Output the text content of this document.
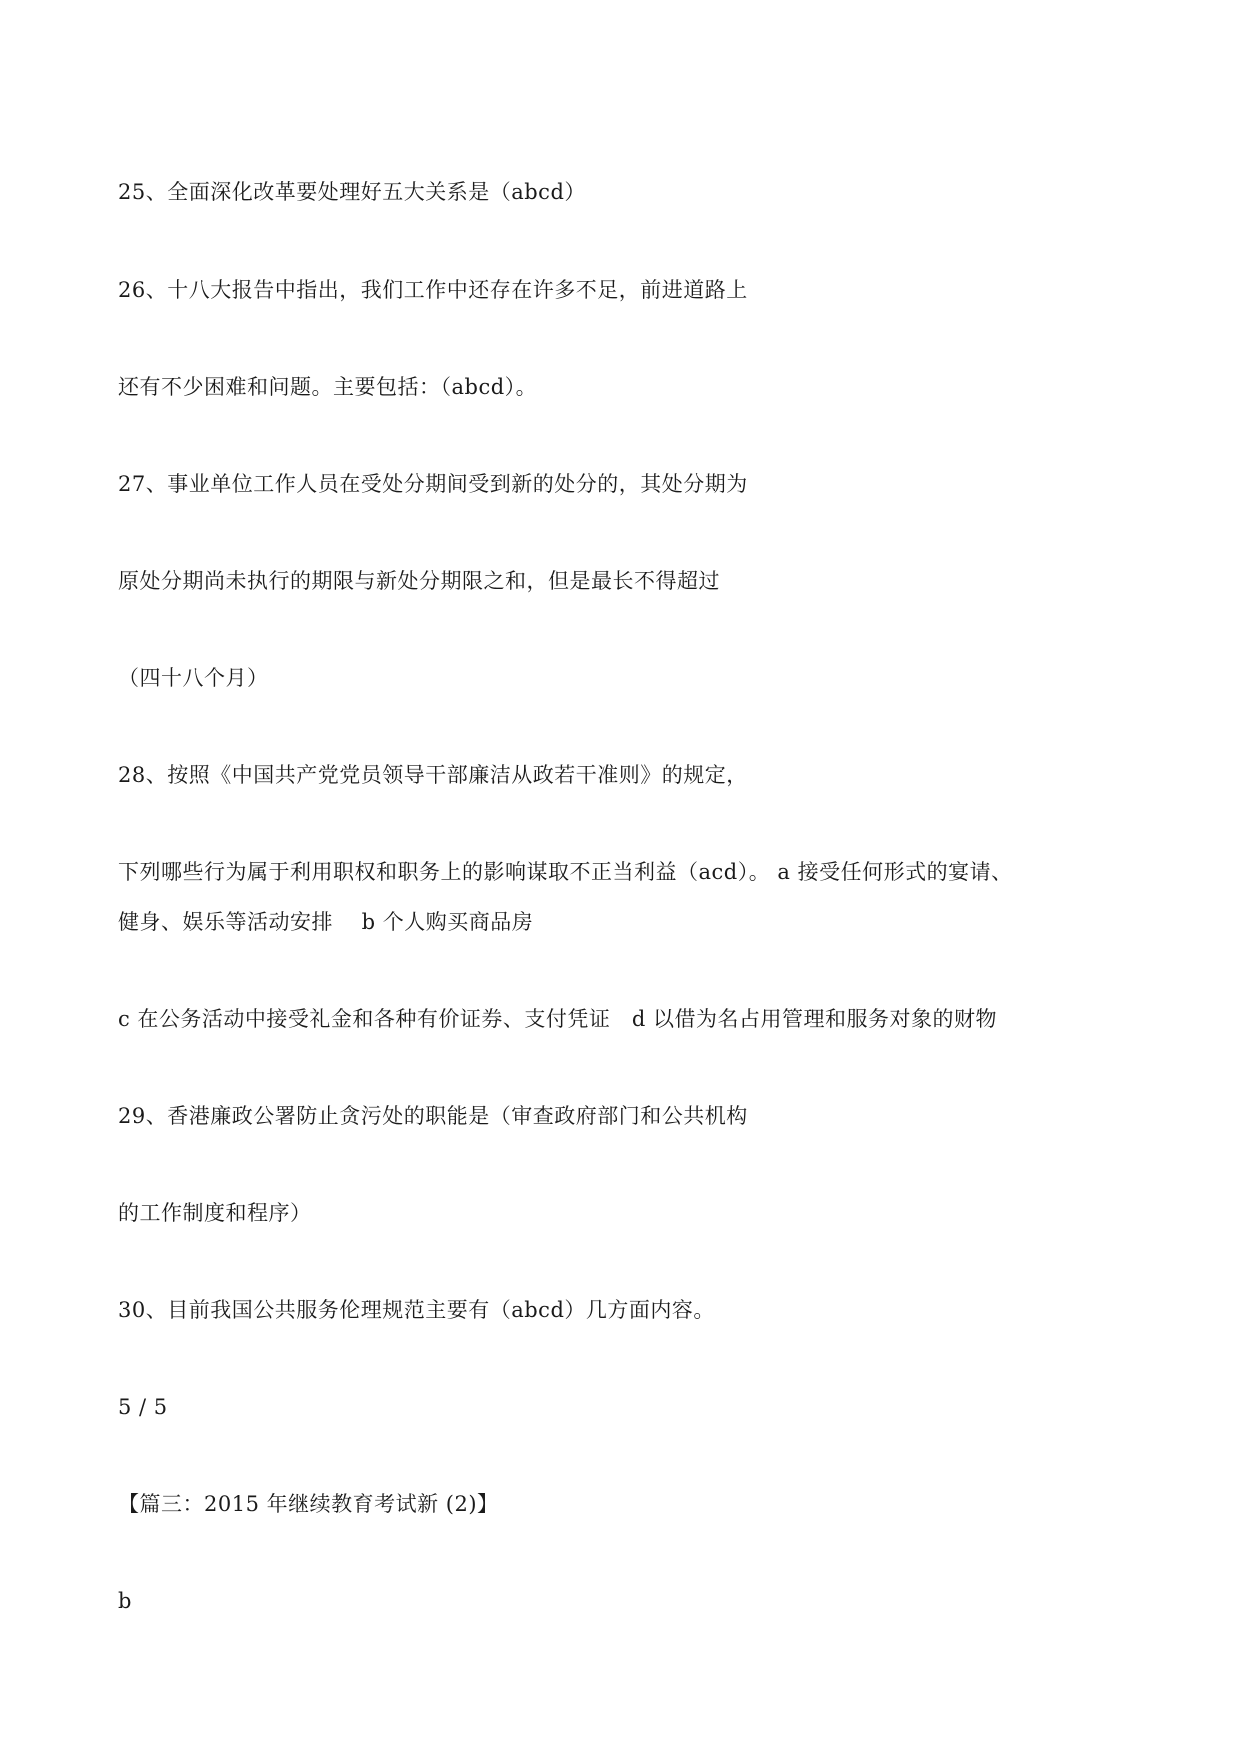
25、全面深化改革要处理好五大关系是（abcd）
26、十八大报告中指出，我们工作中还存在许多不足，前进道路上
还有不少困难和问题。主要包括：（abcd）。
27、事业单位工作人员在受处分期间受到新的处分的，其处分期为
原处分期尚未执行的期限与新处分期限之和，但是最长不得超过
（四十八个月）
28、按照《中国共产党党员领导干部廉洁从政若干准则》的规定，
下列哪些行为属于利用职权和职务上的影响谋取不正当利益（acd）。 a 接受任何形式的宴请、
健身、娱乐等活动安排　 b 个人购买商品房
c 在公务活动中接受礼金和各种有价证券、支付凭证　d 以借为名占用管理和服务对象的财物
29、香港廉政公署防止贪污处的职能是（审查政府部门和公共机构
的工作制度和程序）
30、目前我国公共服务伦理规范主要有（abcd）几方面内容。
5 / 5
【篇三：2015 年继续教育考试新 (2)】
b
